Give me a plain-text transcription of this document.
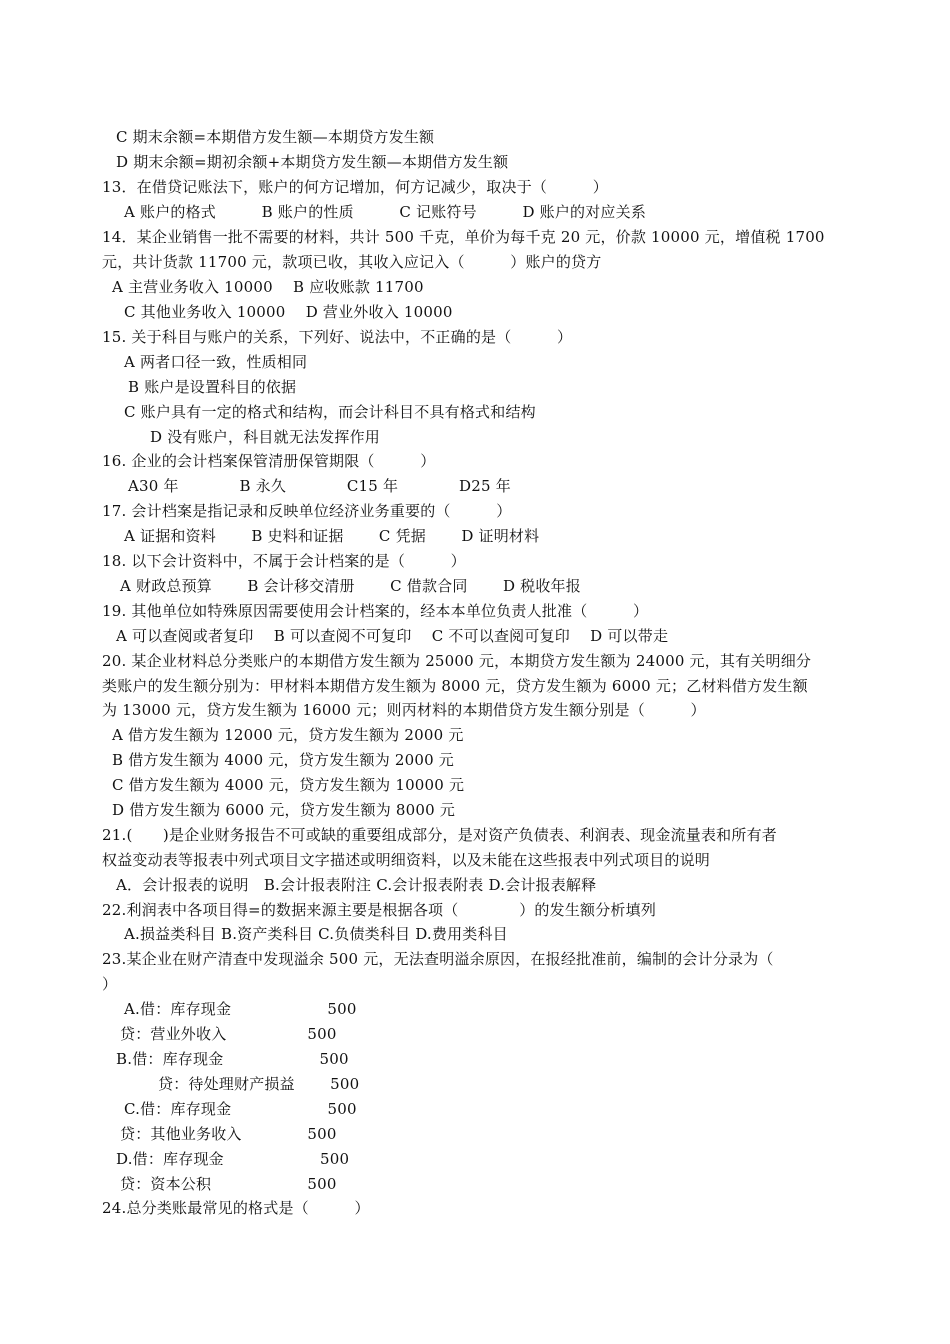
C 期末余额=本期借方发生额—本期贷方发生额
D 期末余额=期初余额+本期贷方发生额—本期借方发生额
13．在借贷记账法下，账户的何方记增加，何方记减少，取决于（　　　）
A 账户的格式　　　B 账户的性质　　　C 记账符号　　　D 账户的对应关系
14．某企业销售一批不需要的材料，共计 500 千克，单价为每千克 20 元，价款 10000 元，增值税 1700
元，共计货款 11700 元，款项已收，其收入应记入（　　　）账户的贷方
A 主营业务收入 10000　 B 应收账款 11700
C 其他业务收入 10000　 D 营业外收入 10000
15. 关于科目与账户的关系，下列好、说法中，不正确的是（　　　）
A 两者口径一致，性质相同
B 账户是设置科目的依据
C 账户具有一定的格式和结构，而会计科目不具有格式和结构
D 没有账户，科目就无法发挥作用
16. 企业的会计档案保管清册保管期限（　　　）
A30 年　　　　B 永久　　　　C15 年　　　　D25 年
17. 会计档案是指记录和反映单位经济业务重要的（　　　）
A 证据和资料　　 B 史料和证据　　 C 凭据　　 D 证明材料
18. 以下会计资料中，不属于会计档案的是（　　　）
A 财政总预算　　 B 会计移交清册　　 C 借款合同　　 D 税收年报
19. 其他单位如特殊原因需要使用会计档案的，经本本单位负责人批准（　　　）
A 可以查阅或者复印　 B 可以查阅不可复印　 C 不可以查阅可复印　 D 可以带走
20. 某企业材料总分类账户的本期借方发生额为 25000 元，本期贷方发生额为 24000 元，其有关明细分
类账户的发生额分别为：甲材料本期借方发生额为 8000 元，贷方发生额为 6000 元；乙材料借方发生额
为 13000 元，贷方发生额为 16000 元；则丙材料的本期借贷方发生额分别是（　　　）
A 借方发生额为 12000 元，贷方发生额为 2000 元
B 借方发生额为 4000 元，贷方发生额为 2000 元
C 借方发生额为 4000 元，贷方发生额为 10000 元
D 借方发生额为 6000 元，贷方发生额为 8000 元
21.(　　)是企业财务报告不可或缺的重要组成部分，是对资产负债表、利润表、现金流量表和所有者
权益变动表等报表中列式项目文字描述或明细资料，以及未能在这些报表中列式项目的说明
A．会计报表的说明　B.会计报表附注 C.会计报表附表 D.会计报表解释
22.利润表中各项目得=的数据来源主要是根据各项（　　　　）的发生额分析填列
A.损益类科目 B.资产类科目 C.负债类科目 D.费用类科目
23.某企业在财产清查中发现溢余 500 元，无法查明溢余原因，在报经批准前，编制的会计分录为（
）
A.借：库存现金　　　　　　 500
贷：营业外收入　　　　　 500
B.借：库存现金　　　　　　 500
贷：待处理财产损益　　 500
C.借：库存现金　　　　　　 500
贷：其他业务收入　　　　 500
D.借：库存现金　　　　　　 500
贷：资本公积　　　　　　 500
24.总分类账最常见的格式是（　　　）
